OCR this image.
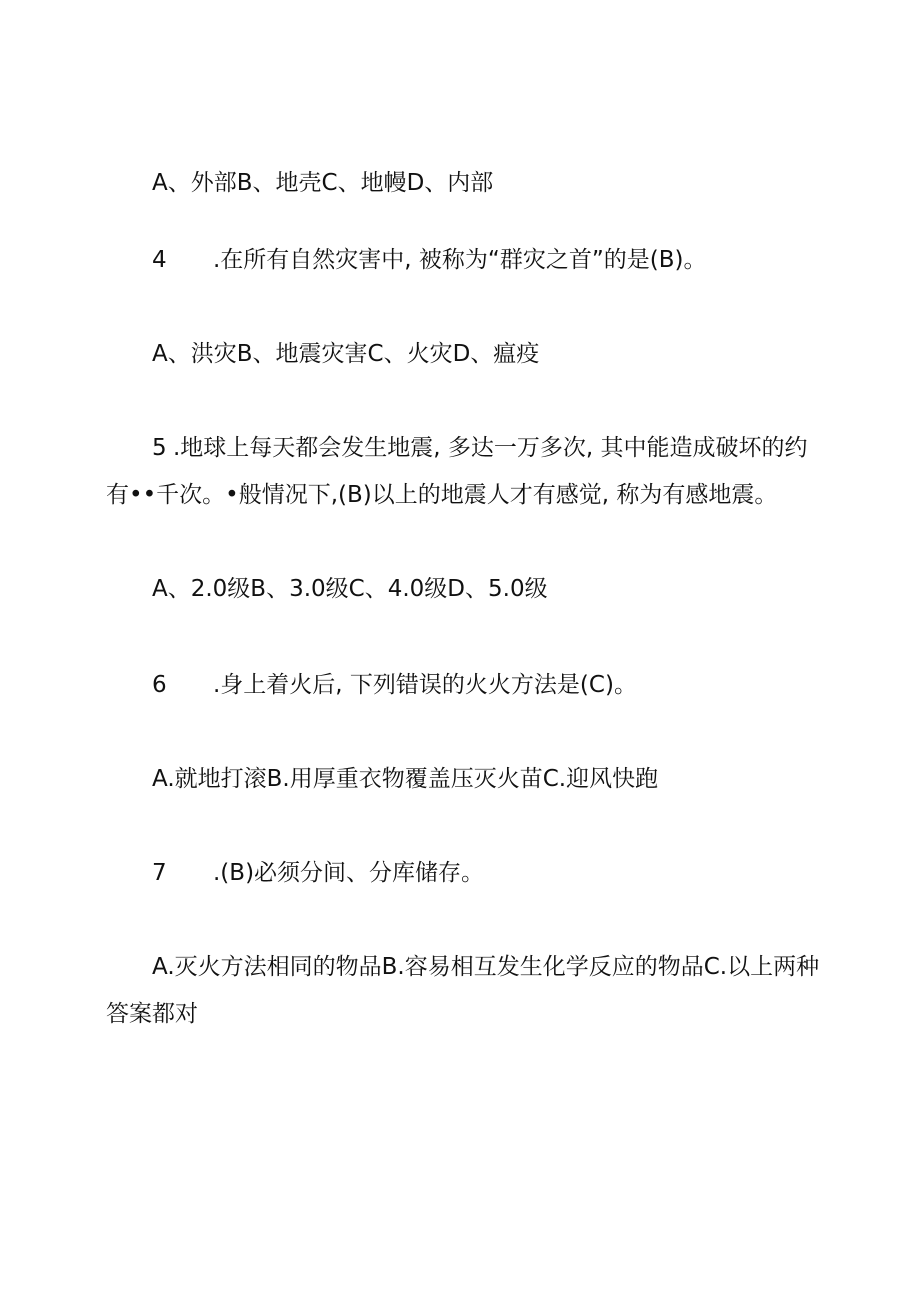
A、外部B、地壳C、地幔D、内部
4 .在所有自然灾害中, 被称为“群灾之首”的是(B)。
A、洪灾B、地震灾害C、火灾D、瘟疫
5 .地球上每天都会发生地震, 多达一万多次, 其中能造成破坏的约
有••千次。•般情况下,(B)以上的地震人才有感觉, 称为有感地震。
A、2.0级B、3.0级C、4.0级D、5.0级
6 .身上着火后, 下列错误的火火方法是(C)。
A.就地打滚B.用厚重衣物覆盖压灭火苗C.迎风快跑
7 .(B)必须分间、分库储存。
A.灭火方法相同的物品B.容易相互发生化学反应的物品C.以上两种
答案都对
